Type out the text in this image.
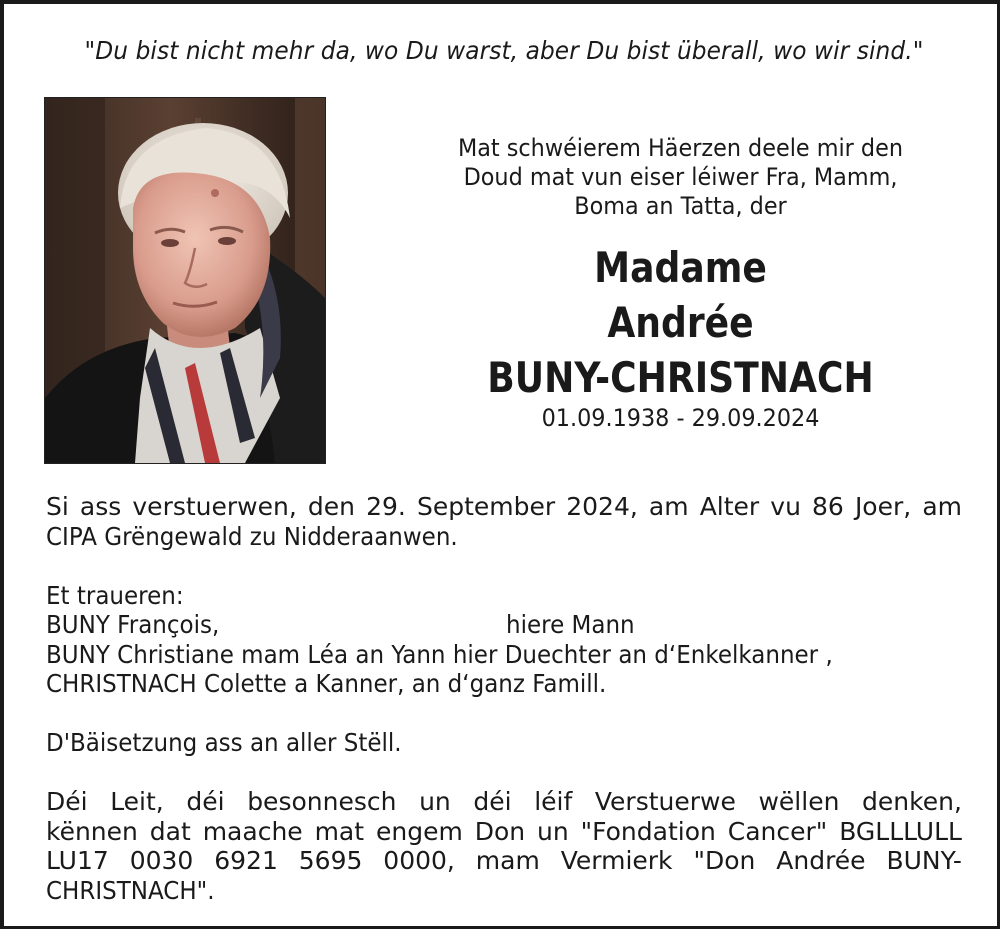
"Du bist nicht mehr da, wo Du warst, aber Du bist überall, wo wir sind."
Mat schwéierem Häerzen deele mir den
Doud mat vun eiser léiwer Fra, Mamm,
Boma an Tatta, der
Madame
Andrée
BUNY-CHRISTNACH
01.09.1938 - 29.09.2024
Si ass verstuerwen, den 29. September 2024, am Alter vu 86 Joer, am
CIPA Grëngewald zu Nidderaanwen.
Et traueren:
BUNY François,	hiere Mann
BUNY Christiane mam Léa an Yann hier Duechter an d‘Enkelkanner ,
CHRISTNACH Colette a Kanner, an d‘ganz Famill.
D'Bäisetzung ass an aller Stëll.
Déi Leit, déi besonnesch un déi léif Verstuerwe wëllen denken,
kënnen dat maache mat engem Don un "Fondation Cancer" BGLLLULL
LU17 0030 6921 5695 0000, mam Vermierk "Don Andrée BUNY-
CHRISTNACH".
